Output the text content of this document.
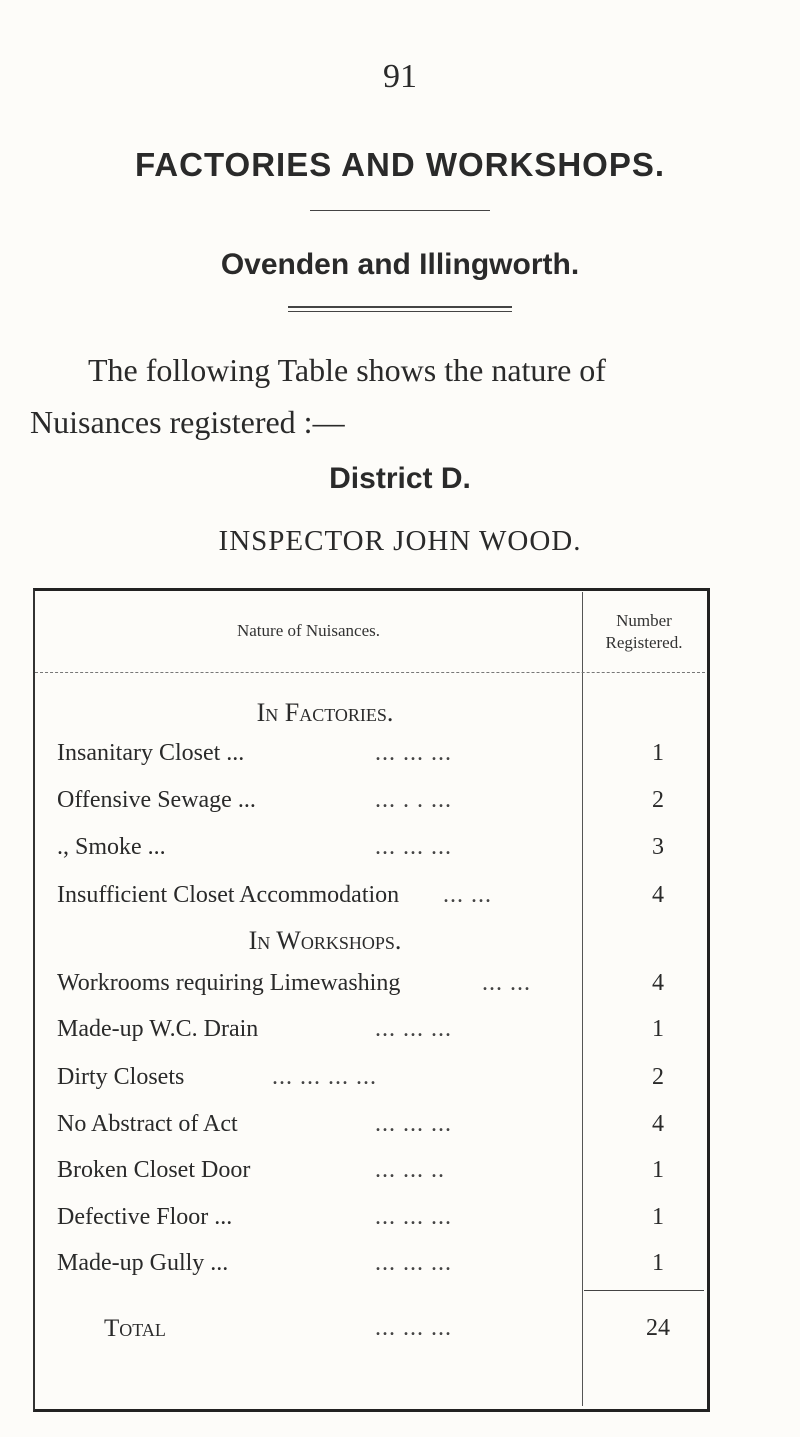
91
FACTORIES AND WORKSHOPS.
Ovenden and Illingworth.
The following Table shows the nature of
Nuisances registered :—
District D.
INSPECTOR JOHN WOOD.
Nature of Nuisances.
Number
Registered.
In Factories.
Insanitary Closet ...	... ... ...	1
Offensive Sewage ...	... . . ...	2
., Smoke ...	... ... ...	3
Insufficient Closet Accommodation ... ...	4
In Workshops.
Workrooms requiring Limewashing	... ...	4
Made-up W.C. Drain	... ... ...	1
Dirty Closets	... ... ... ...	2
No Abstract of Act	... ... ...	4
Broken Closet Door	... ... ..	1
Defective Floor ...	... ... ...	1
Made-up Gully ...	... ... ...	1
Total	... ... ...	24
